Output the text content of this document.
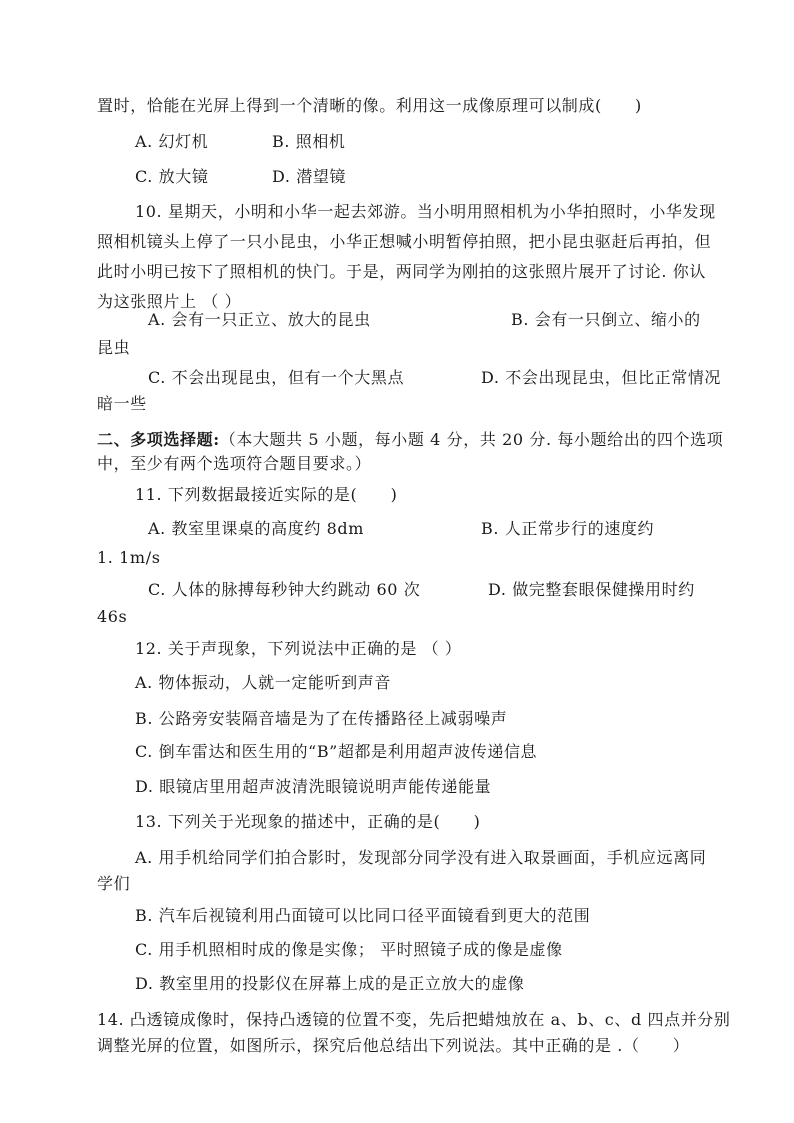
置时，恰能在光屏上得到一个清晰的像。利用这一成像原理可以制成(　　)
A. 幻灯机	B. 照相机
C. 放大镜	D. 潜望镜
10. 星期天，小明和小华一起去郊游。当小明用照相机为小华拍照时，小华发现
照相机镜头上停了一只小昆虫，小华正想喊小明暂停拍照，把小昆虫驱赶后再拍，但
此时小明已按下了照相机的快门。于是，两同学为刚拍的这张照片展开了讨论. 你认
为这张照片上 （ ）
A. 会有一只正立、放大的昆虫	B. 会有一只倒立、缩小的
昆虫
C. 不会出现昆虫，但有一个大黑点	D. 不会出现昆虫，但比正常情况
暗一些
二、多项选择题:（本大题共 5 小题，每小题 4 分，共 20 分. 每小题给出的四个选项
中，至少有两个选项符合题目要求。）
11. 下列数据最接近实际的是(　　)
A. 教室里课桌的高度约 8dm	B. 人正常步行的速度约
1. 1m/s
C. 人体的脉搏每秒钟大约跳动 60 次	D. 做完整套眼保健操用时约
46s
12. 关于声现象，下列说法中正确的是 （ ）
A. 物体振动，人就一定能听到声音
B. 公路旁安装隔音墙是为了在传播路径上减弱噪声
C. 倒车雷达和医生用的“B”超都是利用超声波传递信息
D. 眼镜店里用超声波清洗眼镜说明声能传递能量
13. 下列关于光现象的描述中，正确的是(　　)
A. 用手机给同学们拍合影时，发现部分同学没有进入取景画面，手机应远离同
学们
B. 汽车后视镜利用凸面镜可以比同口径平面镜看到更大的范围
C. 用手机照相时成的像是实像； 平时照镜子成的像是虚像
D. 教室里用的投影仪在屏幕上成的是正立放大的虚像
14. 凸透镜成像时，保持凸透镜的位置不变，先后把蜡烛放在 a、b、c、d 四点并分别
调整光屏的位置，如图所示，探究后他总结出下列说法。其中正确的是 .（　　）
